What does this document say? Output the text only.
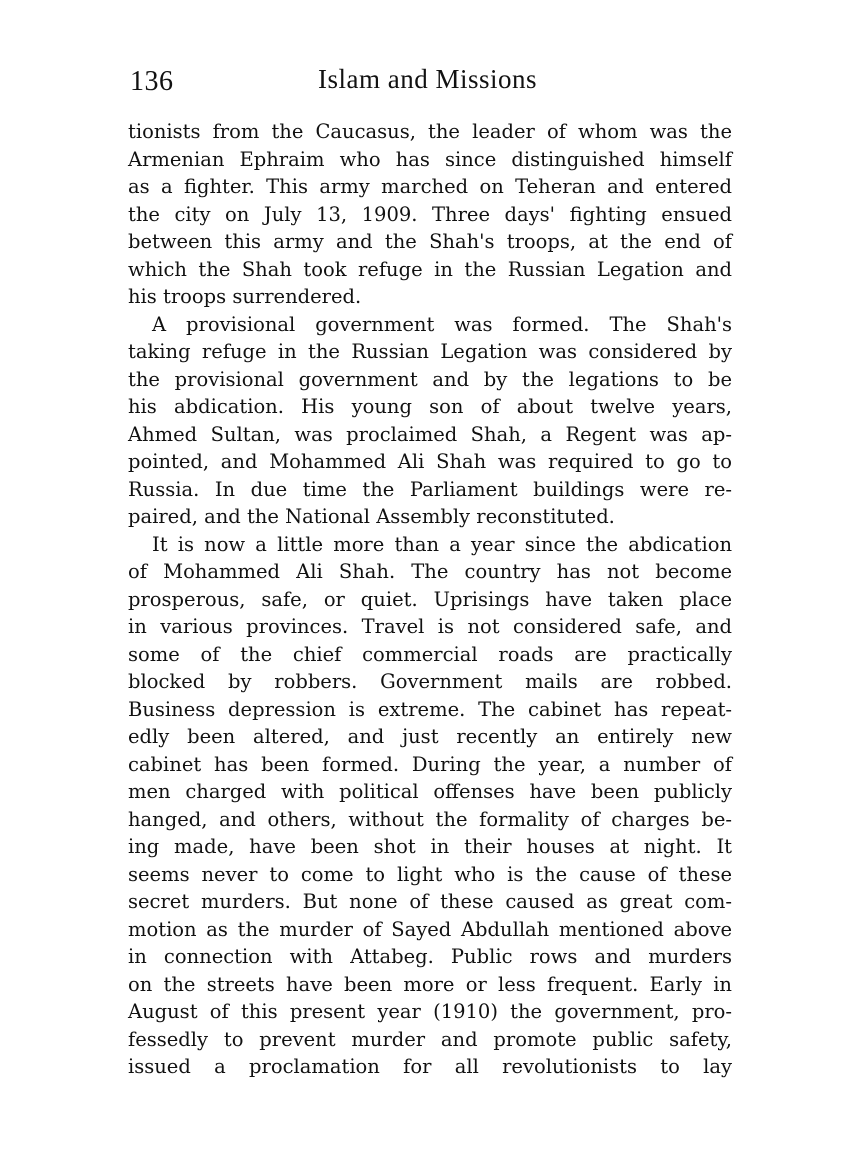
136	Islam and Missions
tionists from the Caucasus, the leader of whom was the
Armenian Ephraim who has since distinguished himself
as a fighter. This army marched on Teheran and entered
the city on July 13, 1909. Three days' fighting ensued
between this army and the Shah's troops, at the end of
which the Shah took refuge in the Russian Legation and
his troops surrendered.
A provisional government was formed. The Shah's
taking refuge in the Russian Legation was considered by
the provisional government and by the legations to be
his abdication. His young son of about twelve years,
Ahmed Sultan, was proclaimed Shah, a Regent was ap-
pointed, and Mohammed Ali Shah was required to go to
Russia. In due time the Parliament buildings were re-
paired, and the National Assembly reconstituted.
It is now a little more than a year since the abdication
of Mohammed Ali Shah. The country has not become
prosperous, safe, or quiet. Uprisings have taken place
in various provinces. Travel is not considered safe, and
some of the chief commercial roads are practically
blocked by robbers. Government mails are robbed.
Business depression is extreme. The cabinet has repeat-
edly been altered, and just recently an entirely new
cabinet has been formed. During the year, a number of
men charged with political offenses have been publicly
hanged, and others, without the formality of charges be-
ing made, have been shot in their houses at night. It
seems never to come to light who is the cause of these
secret murders. But none of these caused as great com-
motion as the murder of Sayed Abdullah mentioned above
in connection with Attabeg. Public rows and murders
on the streets have been more or less frequent. Early in
August of this present year (1910) the government, pro-
fessedly to prevent murder and promote public safety,
issued a proclamation for all revolutionists to lay
